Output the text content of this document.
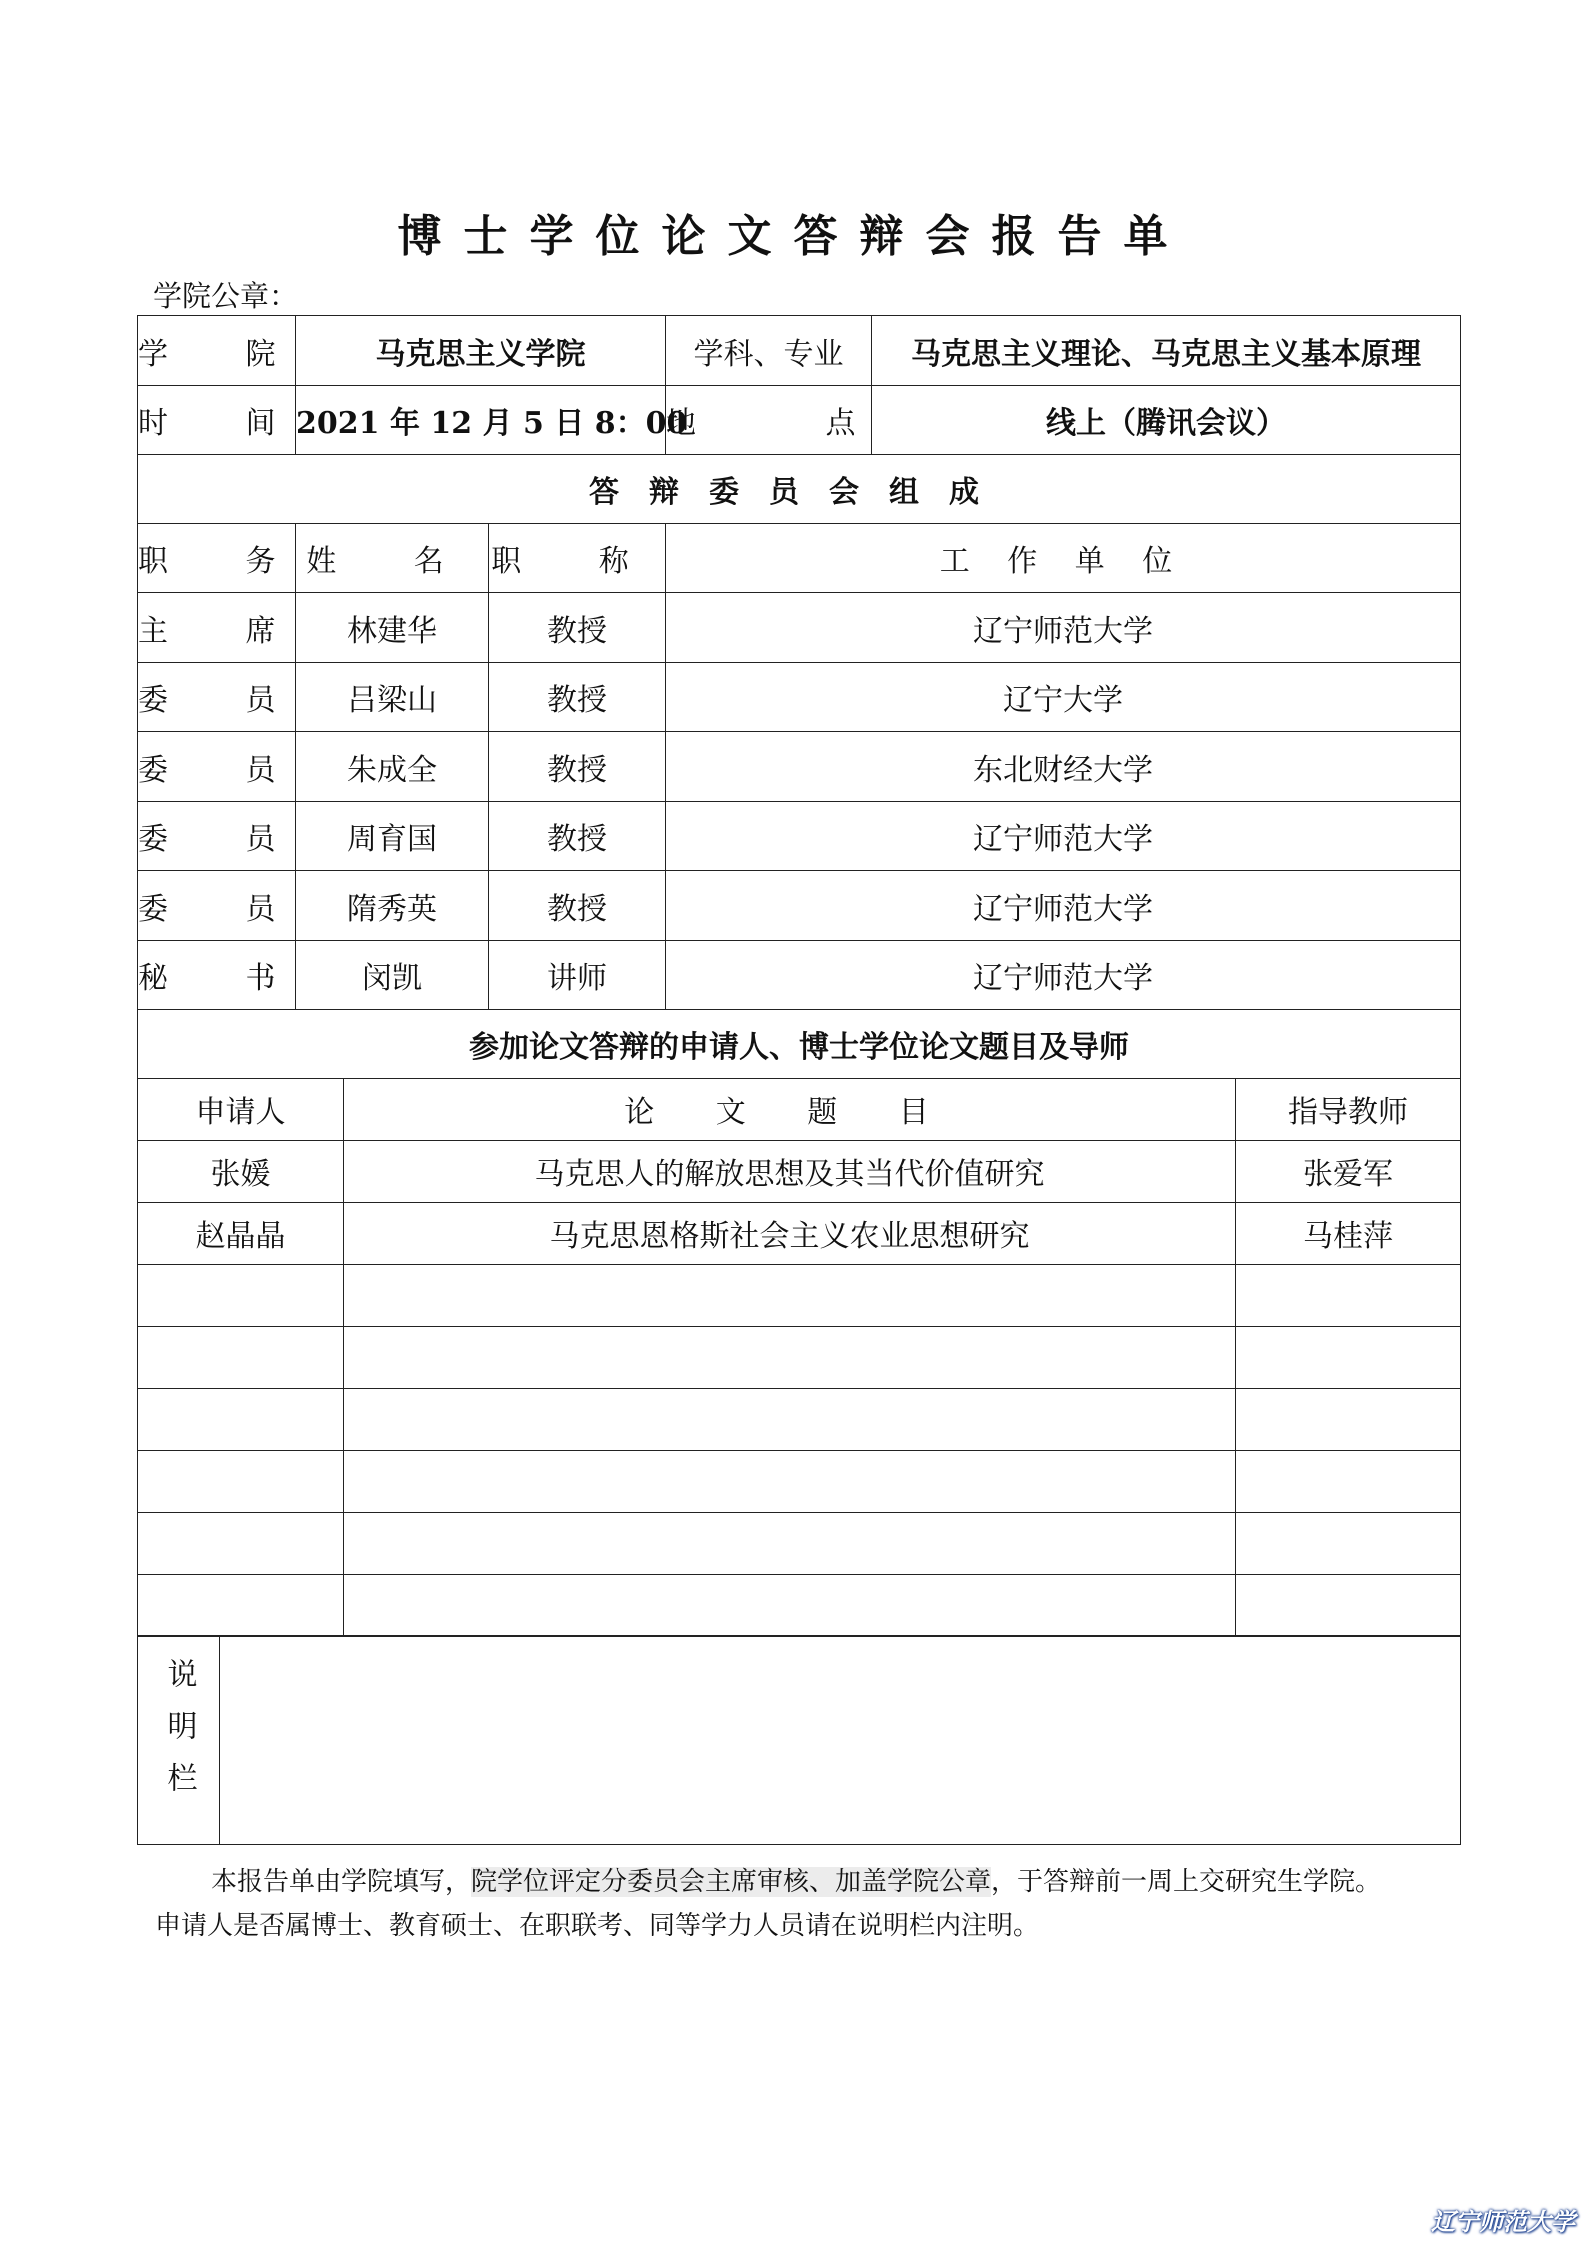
博士学位论文答辩会报告单
学院公章：
学 院	马克思主义学院		学科、专业	马克思主义理论、马克思主义基本原理
时 间	2021 年 12 月 5 日 8：00		地 点	线上（腾讯会议）
答辩委员会组成				
职 务	姓 名	职 称	工 作 单 位	
主 席	林建华	教授	辽宁师范大学	
委 员	吕梁山	教授	辽宁大学	
委 员	朱成全	教授	东北财经大学	
委 员	周育国	教授	辽宁师范大学	
委 员	隋秀英	教授	辽宁师范大学	
秘 书	闵凯	讲师	辽宁师范大学	
参加论文答辩的申请人、博士学位论文题目及导师				
申请人	论 文 题 目	指导教师
张媛	马克思人的解放思想及其当代价值研究	张爱军
赵晶晶	马克思恩格斯社会主义农业思想研究	马桂萍

说明栏	
本报告单由学院填写，院学位评定分委员会主席审核、加盖学院公章，于答辩前一周上交研究生学院。
申请人是否属博士、教育硕士、在职联考、同等学力人员请在说明栏内注明。
辽宁师范大学
